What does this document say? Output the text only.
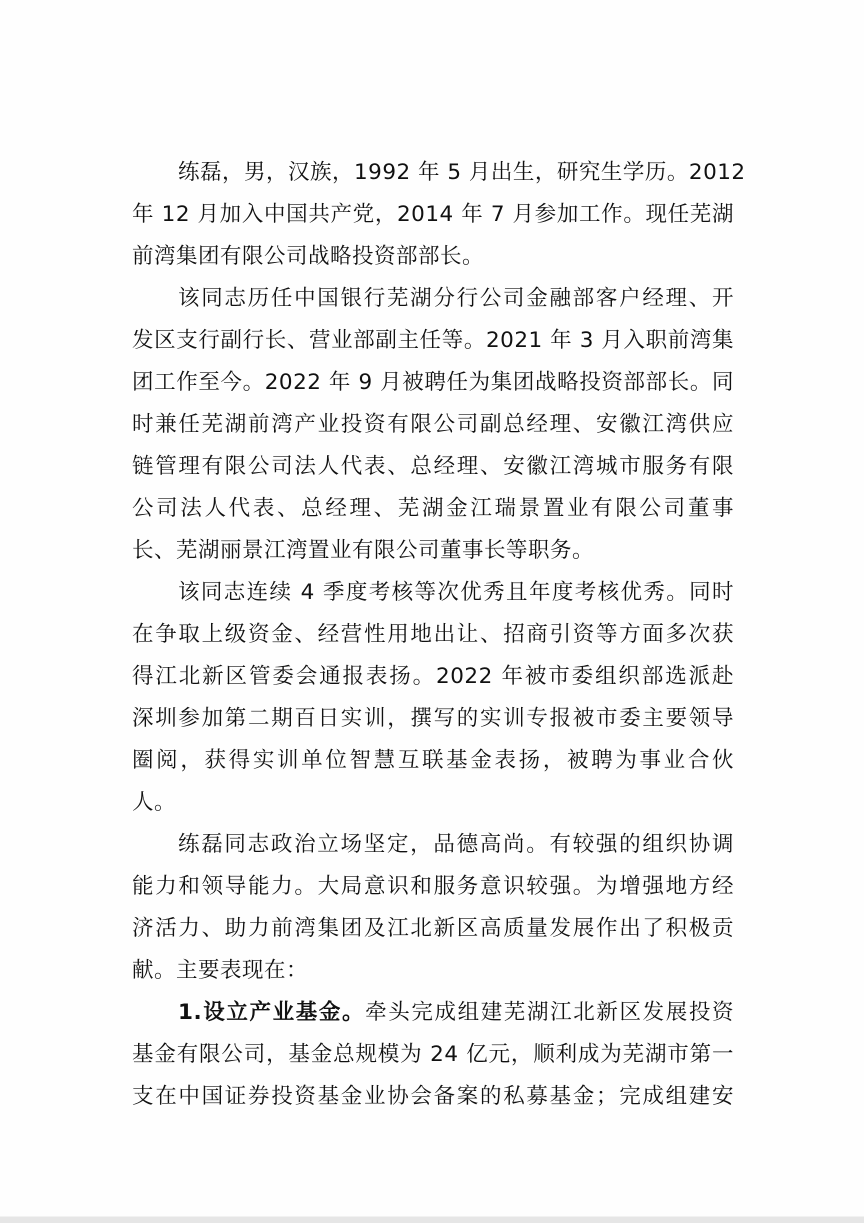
练磊，男，汉族，1992 年 5 月出生，研究生学历。2012
年 12 月加入中国共产党，2014 年 7 月参加工作。现任芜湖
前湾集团有限公司战略投资部部长。
该同志历任中国银行芜湖分行公司金融部客户经理、开
发区支行副行长、营业部副主任等。2021 年 3 月入职前湾集
团工作至今。2022 年 9 月被聘任为集团战略投资部部长。同
时兼任芜湖前湾产业投资有限公司副总经理、安徽江湾供应
链管理有限公司法人代表、总经理、安徽江湾城市服务有限
公司法人代表、总经理、芜湖金江瑞景置业有限公司董事
长、芜湖丽景江湾置业有限公司董事长等职务。
该同志连续 4 季度考核等次优秀且年度考核优秀。同时
在争取上级资金、经营性用地出让、招商引资等方面多次获
得江北新区管委会通报表扬。2022 年被市委组织部选派赴
深圳参加第二期百日实训，撰写的实训专报被市委主要领导
圈阅，获得实训单位智慧互联基金表扬，被聘为事业合伙
人。
练磊同志政治立场坚定，品德高尚。有较强的组织协调
能力和领导能力。大局意识和服务意识较强。为增强地方经
济活力、助力前湾集团及江北新区高质量发展作出了积极贡
献。主要表现在：
1.设立产业基金。牵头完成组建芜湖江北新区发展投资
基金有限公司，基金总规模为 24 亿元，顺利成为芜湖市第一
支在中国证券投资基金业协会备案的私募基金；完成组建安
